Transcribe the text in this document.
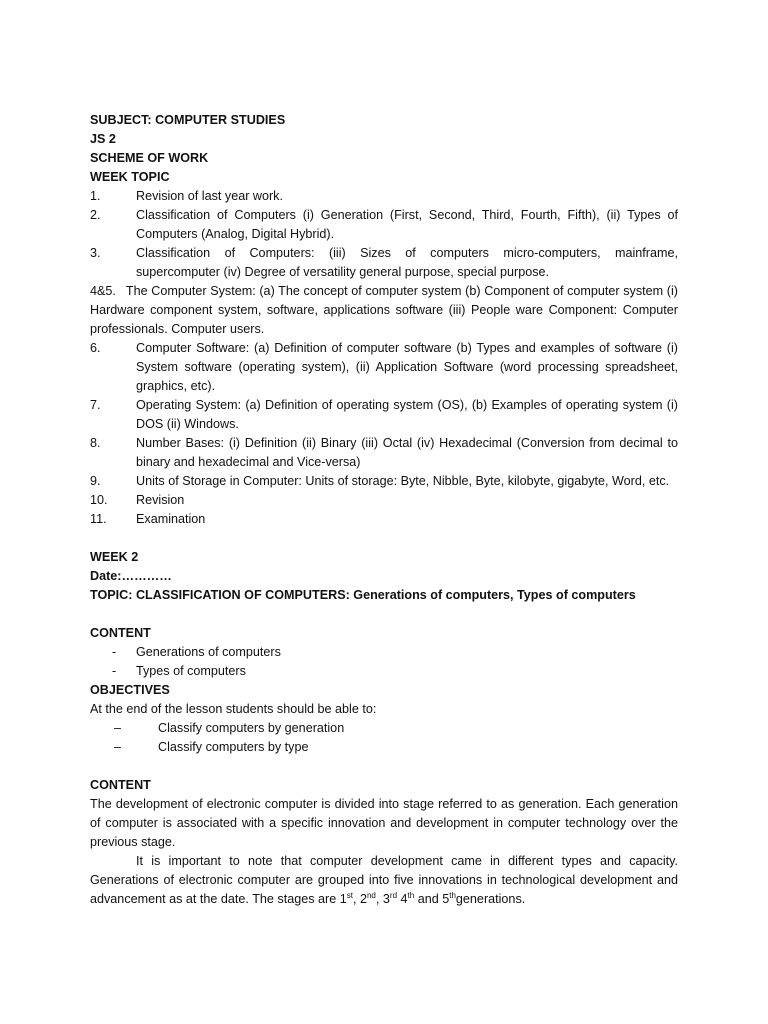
SUBJECT: COMPUTER STUDIES

JS 2

SCHEME OF WORK

WEEK TOPIC

1.	Revision of last year work.
2.	Classification of Computers (i) Generation (First, Second, Third, Fourth, Fifth), (ii) Types of Computers (Analog, Digital Hybrid).
3.	Classification of Computers: (iii) Sizes of computers micro-computers, mainframe, supercomputer (iv) Degree of versatility general purpose, special purpose.

4&5. The Computer System: (a) The concept of computer system (b) Component of computer system (i) Hardware component system, software, applications software (iii) People ware Component: Computer professionals. Computer users.

6.	Computer Software: (a) Definition of computer software (b) Types and examples of software (i) System software (operating system), (ii) Application Software (word processing spreadsheet, graphics, etc).
7.	Operating System: (a) Definition of operating system (OS), (b) Examples of operating system (i) DOS (ii) Windows.
8.	Number Bases: (i) Definition (ii) Binary (iii) Octal (iv) Hexadecimal (Conversion from decimal to binary and hexadecimal and Vice-versa)
9.	Units of Storage in Computer: Units of storage: Byte, Nibble, Byte, kilobyte, gigabyte, Word, etc.
10.	Revision
11.	Examination

WEEK 2

Date:…………

TOPIC: CLASSIFICATION OF COMPUTERS: Generations of computers, Types of computers

CONTENT

-	Generations of computers
-	Types of computers

OBJECTIVES

At the end of the lesson students should be able to:

–	Classify computers by generation
–	Classify computers by type

CONTENT

The development of electronic computer is divided into stage referred to as generation. Each generation of computer is associated with a specific innovation and development in computer technology over the previous stage.

It is important to note that computer development came in different types and capacity. Generations of electronic computer are grouped into five innovations in technological development and advancement as at the date. The stages are 1st, 2nd, 3rd 4th and 5thgenerations.
